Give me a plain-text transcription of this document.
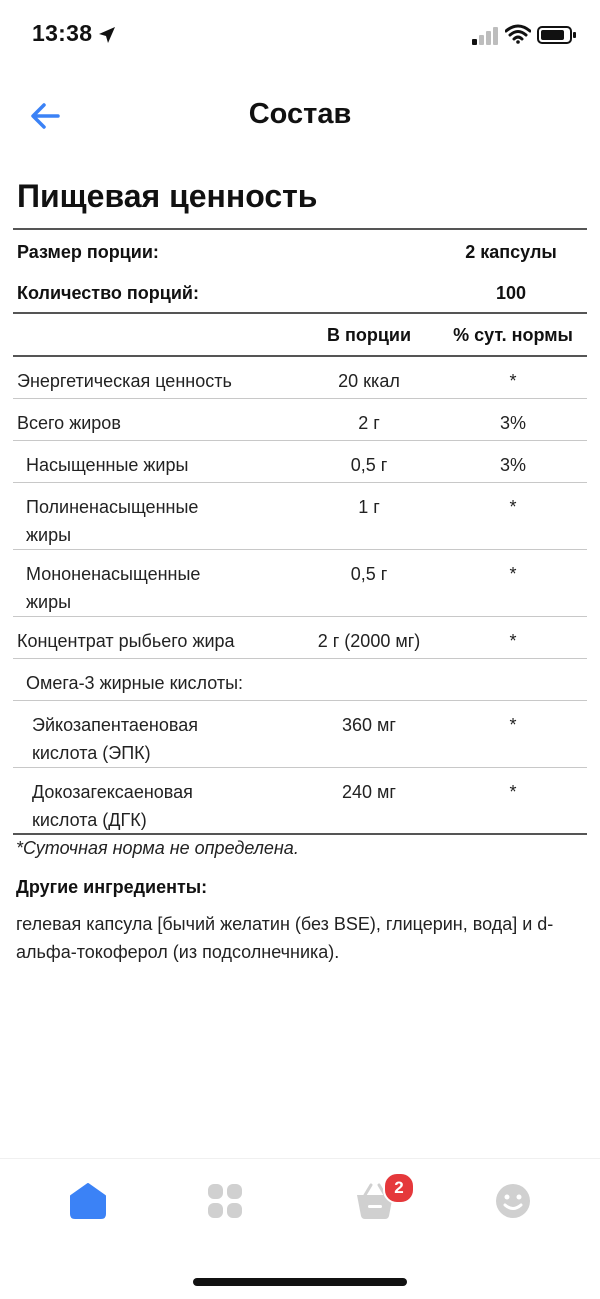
13:38
Состав
Пищевая ценность
Размер порции:	2 капсулы
Количество порций:	100
В порции	% сут. нормы
Энергетическая ценность	20 ккал	*
Всего жиров	2 г	3%
Насыщенные жиры	0,5 г	3%
Полиненасыщенные
жиры
1 г	*
Мононенасыщенные
жиры
0,5 г	*
Концентрат рыбьего жира	2 г (2000 мг)	*
Омега-3 жирные кислоты:
Эйкозапентаеновая
кислота (ЭПК)
360 мг	*
Докозагексаеновая
кислота (ДГК)
240 мг	*
*Суточная норма не определена.
Другие ингредиенты:
гелевая капсула [бычий желатин (без BSE), глицерин, вода] и d-альфа-токоферол (из подсолнечника).
2
